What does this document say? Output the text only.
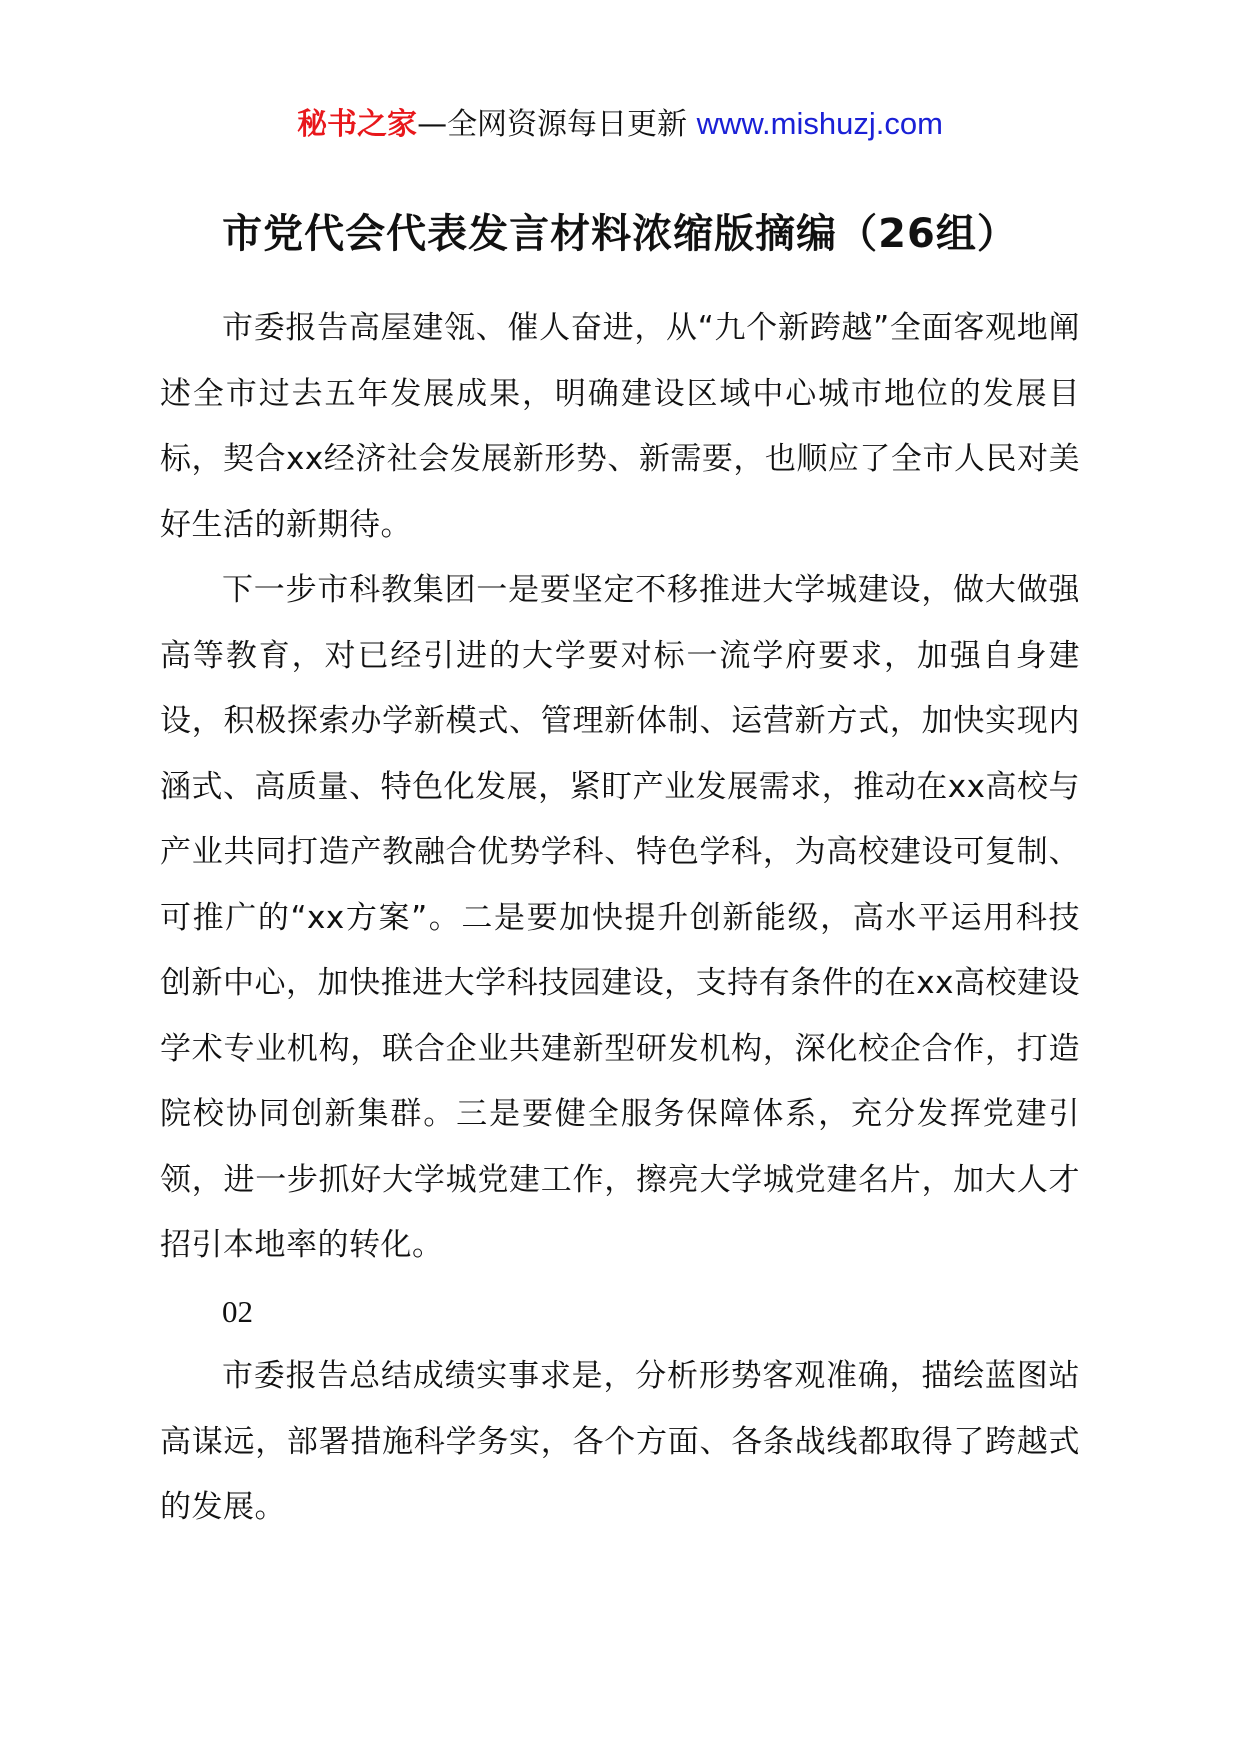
秘书之家—全网资源每日更新 www.mishuzj.com
市党代会代表发言材料浓缩版摘编（26组）

市委报告高屋建瓴、催人奋进，从“九个新跨越”全面客观地阐述全市过去五年发展成果，明确建设区域中心城市地位的发展目标，契合xx经济社会发展新形势、新需要，也顺应了全市人民对美好生活的新期待。

下一步市科教集团一是要坚定不移推进大学城建设，做大做强高等教育，对已经引进的大学要对标一流学府要求，加强自身建设，积极探索办学新模式、管理新体制、运营新方式，加快实现内涵式、高质量、特色化发展，紧盯产业发展需求，推动在xx高校与产业共同打造产教融合优势学科、特色学科，为高校建设可复制、可推广的“xx方案”。二是要加快提升创新能级，高水平运用科技创新中心，加快推进大学科技园建设，支持有条件的在xx高校建设学术专业机构，联合企业共建新型研发机构，深化校企合作，打造院校协同创新集群。三是要健全服务保障体系，充分发挥党建引领，进一步抓好大学城党建工作，擦亮大学城党建名片，加大人才招引本地率的转化。

02

市委报告总结成绩实事求是，分析形势客观准确，描绘蓝图站高谋远，部署措施科学务实，各个方面、各条战线都取得了跨越式的发展。
